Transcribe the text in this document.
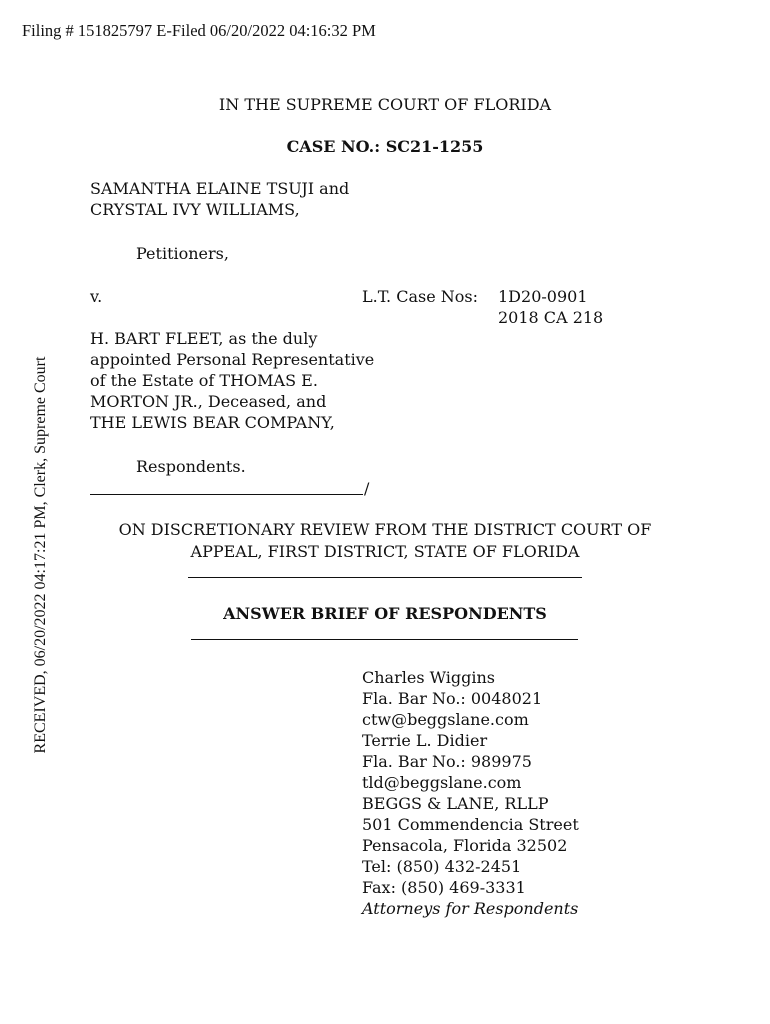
Filing # 151825797 E-Filed 06/20/2022 04:16:32 PM
RECEIVED, 06/20/2022 04:17:21 PM, Clerk, Supreme Court
IN THE SUPREME COURT OF FLORIDA
CASE NO.: SC21-1255
SAMANTHA ELAINE TSUJI and
CRYSTAL IVY WILLIAMS,
Petitioners,
v.	L.T. Case Nos: 1D20-0901
2018 CA 218
H. BART FLEET, as the duly
appointed Personal Representative
of the Estate of THOMAS E.
MORTON JR., Deceased, and
THE LEWIS BEAR COMPANY,
Respondents.
/
ON DISCRETIONARY REVIEW FROM THE DISTRICT COURT OF
APPEAL, FIRST DISTRICT, STATE OF FLORIDA
ANSWER BRIEF OF RESPONDENTS
Charles Wiggins
Fla. Bar No.: 0048021
ctw@beggslane.com
Terrie L. Didier
Fla. Bar No.: 989975
tld@beggslane.com
BEGGS & LANE, RLLP
501 Commendencia Street
Pensacola, Florida 32502
Tel: (850) 432-2451
Fax: (850) 469-3331
Attorneys for Respondents
